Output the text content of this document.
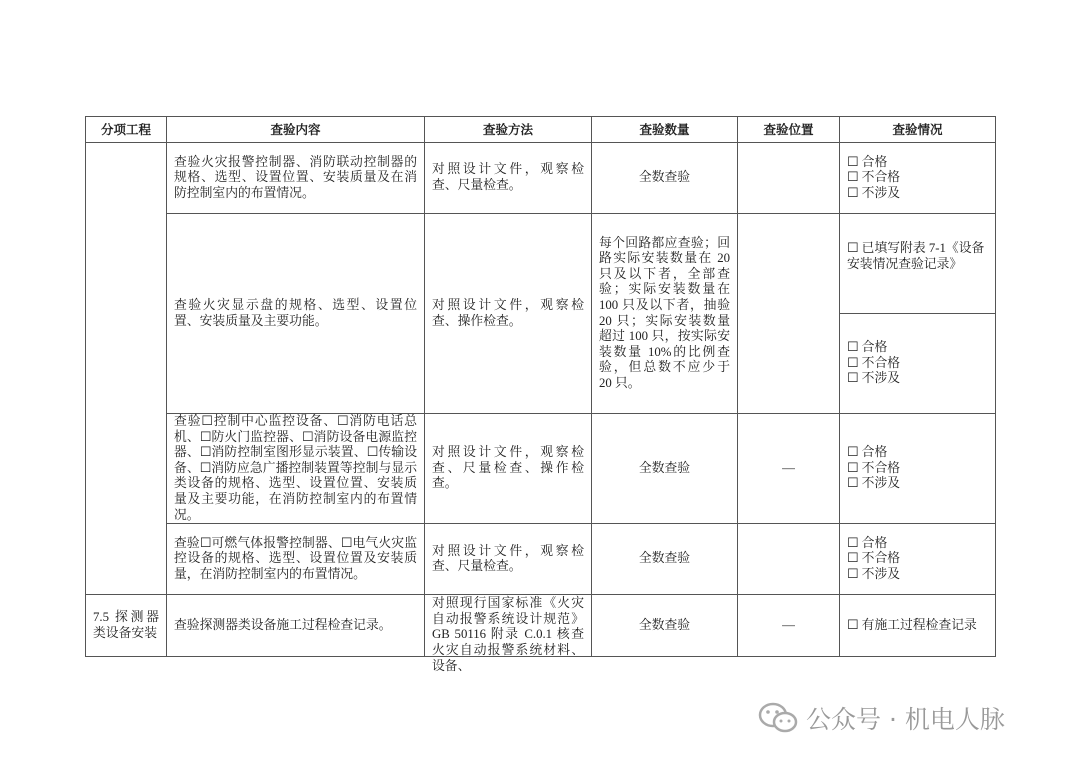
分项工程	查验内容	查验方法	查验数量	查验位置	查验情况
	查验火灾报警控制器、消防联动控制器的规格、选型、设置位置、安装质量及在消防控制室内的布置情况。	对照设计文件，观察检查、尺量检查。	全数查验		☐ 合格
☐ 不合格
☐ 不涉及

	查验火灾显示盘的规格、选型、设置位置、安装质量及主要功能。	对照设计文件，观察检查、操作检查。	每个回路都应查验；回路实际安装数量在 20 只及以下者，全部查验；实际安装数量在 100 只及以下者，抽验 20 只；实际安装数量超过 100 只，按实际安装数量 10%的比例查验，但总数不应少于 20 只。		☐ 已填写附表 7-1《设备安装情况查验记录》

					☐ 合格
☐ 不合格
☐ 不涉及

	查验☐控制中心监控设备、☐消防电话总机、☐防火门监控器、☐消防设备电源监控器、☐消防控制室图形显示装置、☐传输设备、☐消防应急广播控制装置等控制与显示类设备的规格、选型、设置位置、安装质量及主要功能，在消防控制室内的布置情况。	对照设计文件，观察检查、尺量检查、操作检查。	全数查验	—	☐ 合格
☐ 不合格
☐ 不涉及

	查验☐可燃气体报警控制器、☐电气火灾监控设备的规格、选型、设置位置及安装质量，在消防控制室内的布置情况。	对照设计文件，观察检查、尺量检查。	全数查验		☐ 合格
☐ 不合格
☐ 不涉及

7.5 探测器类设备安装	查验探测器类设备施工过程检查记录。	对照现行国家标准《火灾自动报警系统设计规范》GB 50116 附录 C.0.1 核查火灾自动报警系统材料、设备、	全数查验	—	☐ 有施工过程检查记录
公众号 · 机电人脉
